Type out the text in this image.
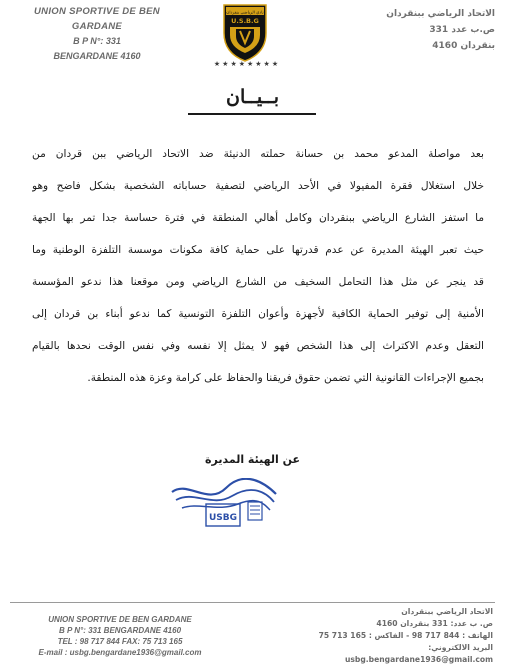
UNION SPORTIVE DE BEN GARDANE
B P N°: 331
BENGARDANE 4160
نادي الرياضي بنقردان
U.S.B.G
★★★★★★★★
الاتحاد الرياضي ببنقردان
ص.ب عدد 331
بنقردان 4160
بــيــان
بعد مواصلة المدعو محمد بن حسانة حملته الدنيئة ضد الاتحاد الرياضي ببن قردان من
خلال استغلال فقرة المفيولا في الأحد الرياضي لتصفية حساباته الشخصية بشكل فاضح وهو
ما استفز الشارع الرياضي ببنقردان وكامل أهالي المنطقة في فترة حساسة جدا تمر بها الجهة
حيث تعبر الهيئة المديرة عن عدم قدرتها على حماية كافة مكونات موسسة التلفزة الوطنية وما
قد ينجر عن مثل هذا التحامل السخيف من الشارع الرياضي ومن موقعنا هذا ندعو المؤسسة
الأمنية إلى توفير الحماية الكافية لأجهزة وأعوان التلفزة التونسية كما ندعو أبناء بن قردان إلى
التعقل وعدم الاكتراث إلى هذا الشخص فهو لا يمثل إلا نفسه وفي نفس الوقت نحدها بالقيام
بجميع الإجراءات القانونية التي تضمن حقوق فريقنا والحفاظ على كرامة وعزة هذه المنطقة.
عن الهيئة المديرة
USBG
UNION SPORTIVE DE BEN GARDANE
B P N°: 331 BENGARDANE 4160
TEL : 98 717 844 FAX: 75 713 165
E-mail : usbg.bengardane1936@gmail.com
الاتحاد الرياضي ببنقردان
ص. ب عدد: 331 بنقردان 4160
الهاتف : 98 717 844 - الفاكس : 75 713 165
البريد الالكتروني: usbg.bengardane1936@gmail.com
